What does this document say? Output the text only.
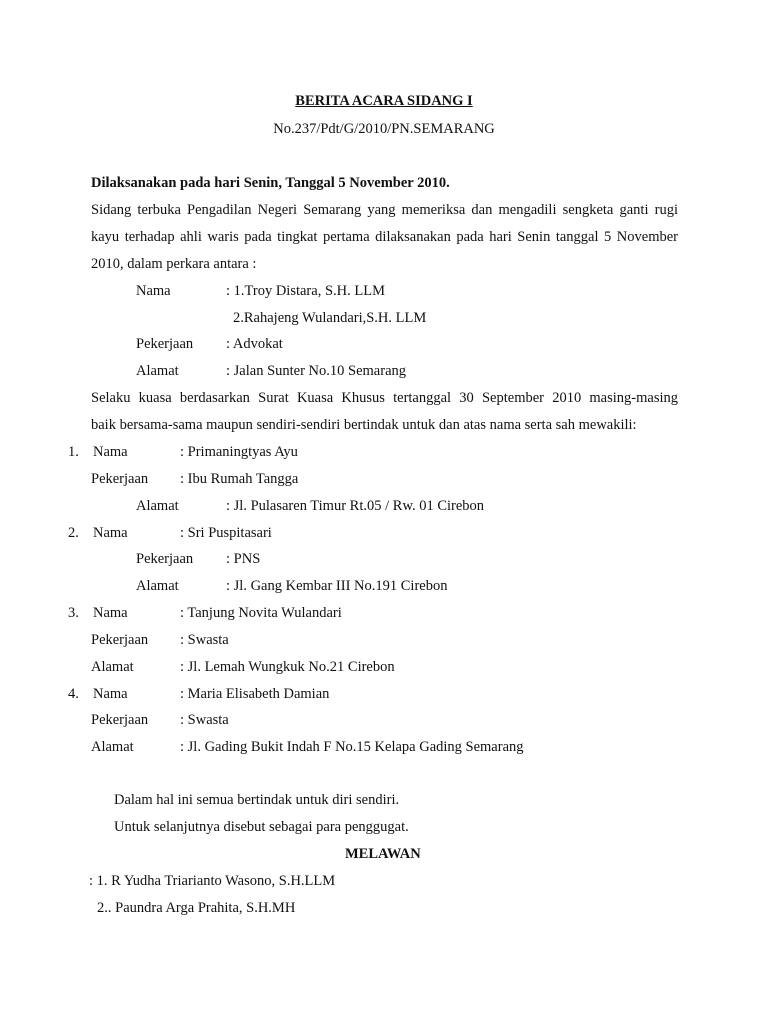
BERITA ACARA SIDANG I
No.237/Pdt/G/2010/PN.SEMARANG
Dilaksanakan pada hari Senin, Tanggal 5 November 2010.
Sidang terbuka Pengadilan Negeri Semarang yang memeriksa dan mengadili sengketa ganti rugi
kayu terhadap ahli waris pada tingkat pertama dilaksanakan pada hari Senin tanggal 5 November
2010, dalam perkara antara :
Nama	: 1.Troy Distara, S.H. LLM
2.Rahajeng Wulandari,S.H. LLM
Pekerjaan : Advokat
Alamat	: Jalan Sunter No.10 Semarang
Selaku kuasa berdasarkan Surat Kuasa Khusus tertanggal 30 September 2010 masing-masing
baik bersama-sama maupun sendiri-sendiri bertindak untuk dan atas nama serta sah mewakili:
1. Nama	: Primaningtyas Ayu
Pekerjaan : Ibu Rumah Tangga
Alamat	: Jl. Pulasaren Timur Rt.05 / Rw. 01 Cirebon
2. Nama	: Sri Puspitasari
Pekerjaan : PNS
Alamat	: Jl. Gang Kembar III No.191 Cirebon
3. Nama	: Tanjung Novita Wulandari
Pekerjaan : Swasta
Alamat	: Jl. Lemah Wungkuk No.21 Cirebon
4. Nama	: Maria Elisabeth Damian
Pekerjaan : Swasta
Alamat	: Jl. Gading Bukit Indah F No.15 Kelapa Gading Semarang
Dalam hal ini semua bertindak untuk diri sendiri.
Untuk selanjutnya disebut sebagai para penggugat.
MELAWAN
: 1. R Yudha Triarianto Wasono, S.H.LLM
2.. Paundra Arga Prahita, S.H.MH
